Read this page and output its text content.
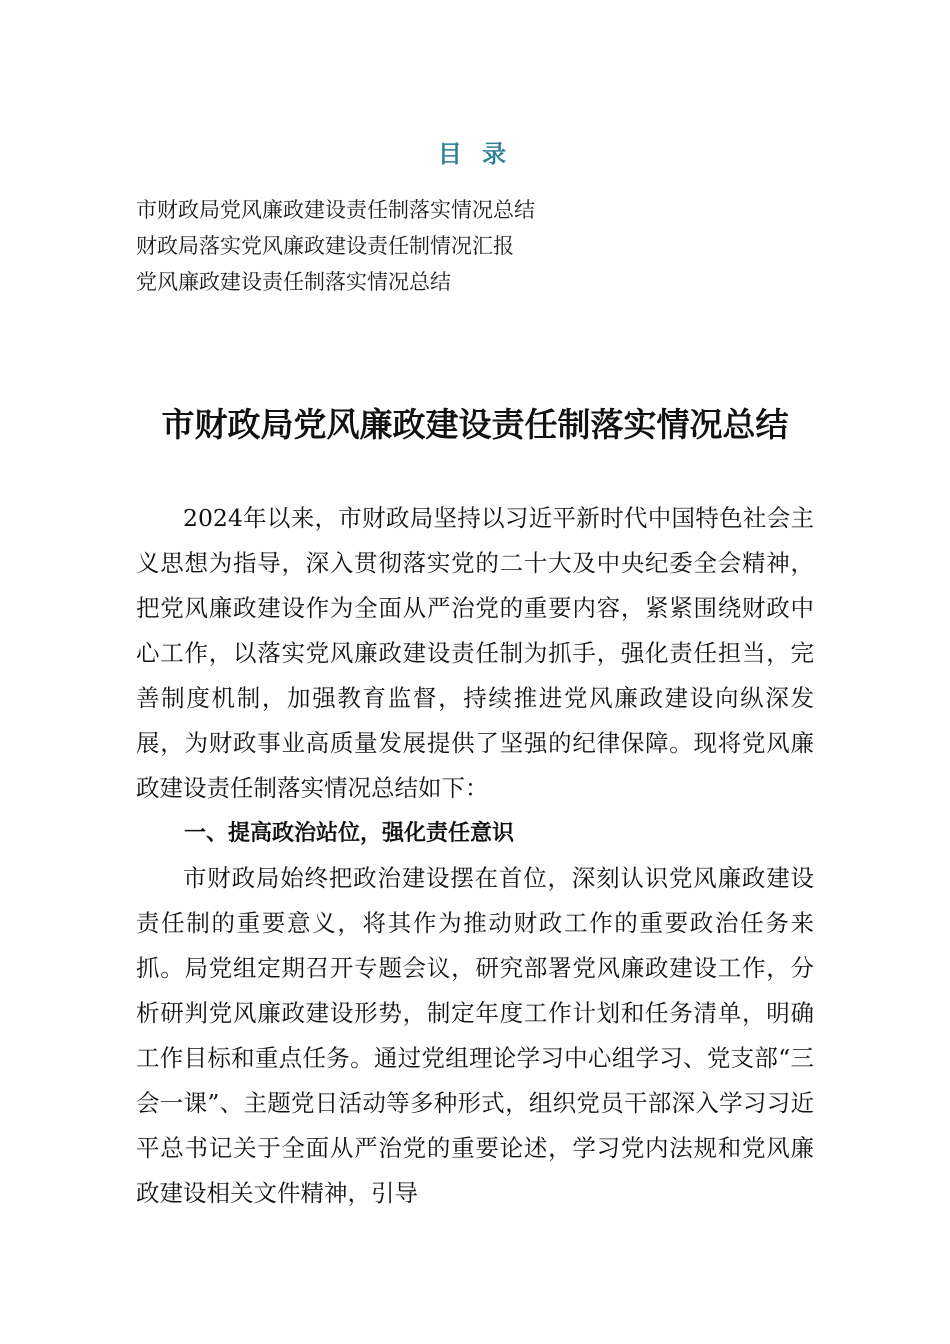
目 录
市财政局党风廉政建设责任制落实情况总结
财政局落实党风廉政建设责任制情况汇报
党风廉政建设责任制落实情况总结
市财政局党风廉政建设责任制落实情况总结

2024年以来，市财政局坚持以习近平新时代中国特色社会主义思想为指导，深入贯彻落实党的二十大及中央纪委全会精神，把党风廉政建设作为全面从严治党的重要内容，紧紧围绕财政中心工作，以落实党风廉政建设责任制为抓手，强化责任担当，完善制度机制，加强教育监督，持续推进党风廉政建设向纵深发展，为财政事业高质量发展提供了坚强的纪律保障。现将党风廉政建设责任制落实情况总结如下：

一、提高政治站位，强化责任意识

市财政局始终把政治建设摆在首位，深刻认识党风廉政建设责任制的重要意义，将其作为推动财政工作的重要政治任务来抓。局党组定期召开专题会议，研究部署党风廉政建设工作，分析研判党风廉政建设形势，制定年度工作计划和任务清单，明确工作目标和重点任务。通过党组理论学习中心组学习、党支部“三会一课”、主题党日活动等多种形式，组织党员干部深入学习习近平总书记关于全面从严治党的重要论述，学习党内法规和党风廉政建设相关文件精神，引导
